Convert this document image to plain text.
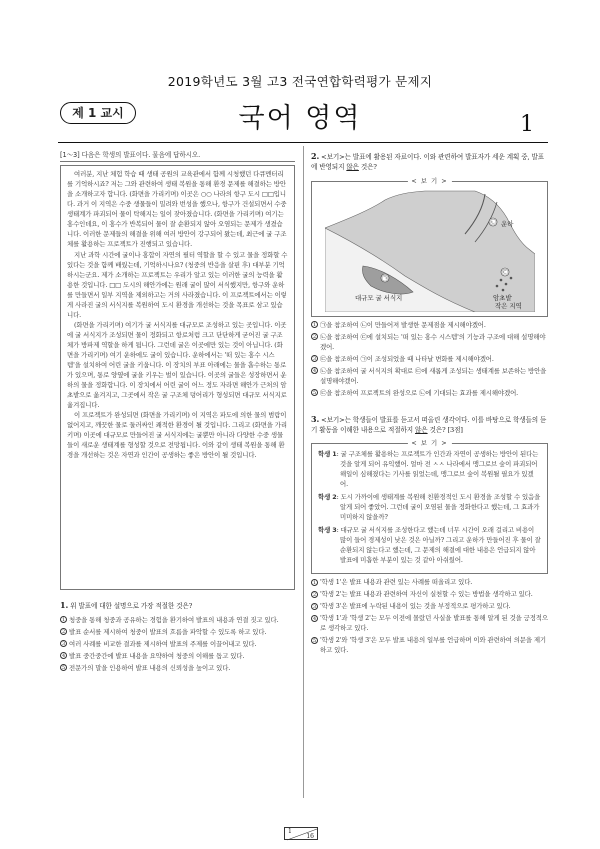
2019학년도 3월 고3 전국연합학력평가 문제지
제 1 교시	국어 영역	1
[1～3] 다음은 학생의 발표이다. 물음에 답하시오.

여러분, 지난 체험 학습 때 생태 공원의 교육관에서 함께 시청했던 다큐멘터리를 기억하시죠? 저는 그와 관련하여 생태 복원을 통해 환경 문제를 해결하는 방안을 소개하고자 합니다. (화면을 가리키며) 이곳은 ○○ 나라의 항구 도시 □□입니다. 과거 이 지역은 수중 생물들이 밀려와 번성을 했으나, 항구가 건설되면서 수중 생태계가 파괴되어 물이 탁해지는 일이 잦아졌습니다. (화면을 가리키며) 여기는 홍수인데요, 이 홍수가 반복되어 물이 잘 순환되지 않아 오염되는 문제가 생겼습니다. 이러한 문제들의 해결을 위해 여러 방안이 강구되어 왔는데, 최근에 굴 구조체를 활용하는 프로젝트가 진행되고 있습니다.

지난 과학 시간에 굴이나 홍합이 자연의 필터 역할을 할 수 있고 물을 정화할 수 있다는 것을 함께 배웠는데, 기억하시나요? (청중의 반응을 살핀 후) 대부분 기억하시는군요. 제가 소개하는 프로젝트는 우리가 알고 있는 이러한 굴의 능력을 활용한 것입니다. □□ 도시의 해안가에는 원래 굴이 많이 서식했지만, 항구와 운하를 만들면서 일부 지역을 제외하고는 거의 사라졌습니다. 이 프로젝트에서는 이렇게 사라진 굴의 서식지를 복원하여 도시 환경을 개선하는 것을 목표로 삼고 있습니다.

(화면을 가리키며) 여기가 굴 서식지를 대규모로 조성하고 있는 곳입니다. 이곳에 굴 서식지가 조성되면 물이 정화되고 항로처럼 크고 단단하게 굳어진 굴 구조체가 방파제 역할을 하게 됩니다. 그런데 굴은 이곳에만 있는 것이 아닙니다. (화면을 가리키며) 여기 운하에도 굴이 있습니다. 운하에서는 '떠 있는 홍수 시스템'을 설치하여 어린 굴을 키웁니다. 이 장치의 부표 아래에는 물을 흡수하는 통로가 있으며, 통로 양옆에 굴을 키우는 벌이 있습니다. 이곳의 굴들은 성장하면서 운하의 물을 정화합니다. 이 장치에서 어린 굴이 어느 정도 자라면 해안가 근처의 암초밭으로 옮겨지고, 그곳에서 작은 굴 구조체 덩어리가 형성되면 대규모 서식지로 옮겨집니다.

이 프로젝트가 완성되면 (화면을 가리키며) 이 지역은 파도에 의한 물의 범람이 없어지고, 깨끗한 물로 둘러싸인 쾌적한 환경이 될 것입니다. 그리고 (화면을 가리키며) 이곳에 대규모로 만들어진 굴 서식지에는 굴뿐만 아니라 다양한 수중 생물들이 새로운 생태계를 형성할 것으로 전망됩니다. 이와 같이 생태 복원을 통해 환경을 개선하는 것은 자연과 인간이 공생하는 좋은 방안이 될 것입니다.

1. 위 발표에 대한 설명으로 가장 적절한 것은?
1 청중을 통해 청중과 공유하는 경험을 환기하여 발표의 내용과 연결 짓고 있다.
2 발표 순서를 제시하여 청중이 발표의 흐름을 파악할 수 있도록 하고 있다.
3 여러 사례를 비교한 결과를 제시하여 발표의 주제를 이끌어내고 있다.
4 발표 중간중간에 발표 내용을 요약하여 청중의 이해를 돕고 있다.
5 전문가의 말을 인용하여 발표 내용의 신뢰성을 높이고 있다.
2. <보기>는 발표에 활용된 자료이다. 이와 관련하여 발표자가 세운 계획 중, 발표에 반영되지 않은 것은?
< 보 기 >
㉡
㉠
㉢
운하
대규모 굴 서식지	암초밭
작은 지역
1 ㉠을 참조하여 ㉡이 만들어져 발생한 문제점을 제시해야겠어.
2 ㉡을 참조하여 ㉢에 설치되는 '떠 있는 홍수 시스템'의 기능과 구조에 대해 설명해야겠어.
3 ㉢을 참조하여 ㉠이 조성되었을 때 나타날 변화를 제시해야겠어.
4 ㉡을 참조하여 굴 서식지의 확대로 ㉢에 새롭게 조성되는 생태계를 보존하는 방안을 설명해야겠어.
5 ㉢을 참조하여 프로젝트의 완성으로 ㉡에 기대되는 효과를 제시해야겠어.
3. <보기>는 학생들이 발표를 듣고서 떠올린 생각이다. 이를 바탕으로 학생들의 듣기 활동을 이해한 내용으로 적절하지 않은 것은? [3점]
< 보 기 >
학생 1: 굴 구조체를 활용하는 프로젝트가 인간과 자연이 공생하는 방안이 된다는 것을 알게 되어 유익했어. 얼마 전 ㅅㅅ 나라에서 맹그로브 숲이 파괴되어 해일이 심해졌다는 기사를 읽었는데, 맹그로브 숲이 복원될 필요가 있겠어.
학생 2: 도시 가까이에 생태계를 복원해 친환경적인 도시 환경을 조성할 수 있음을 알게 되어 좋았어. 그런데 굴이 오염된 물을 정화한다고 했는데, 그 효과가 미미하지 않을까?
학생 3: 대규모 굴 서식지를 조성한다고 했는데 너무 시간이 오래 걸리고 비용이 많이 들어 경제성이 낮은 것은 아닐까? 그리고 운하가 만들어진 후 물이 잘 순환되지 않는다고 했는데, 그 문제의 해결에 대한 내용은 언급되지 않아 발표에 미흡한 부분이 있는 것 같아 아쉬웠어.
1 '학생 1'은 발표 내용과 관련 있는 사례를 떠올리고 있다.
2 '학생 2'는 발표 내용과 관련하여 자신이 실천할 수 있는 방법을 생각하고 있다.
3 '학생 3'은 발표에 누락된 내용이 있는 것을 부정적으로 평가하고 있다.
4 '학생 1'과 '학생 2'는 모두 이전에 몰랐던 사실을 발표를 통해 알게 된 것을 긍정적으로 생각하고 있다.
5 '학생 2'와 '학생 3'은 모두 발표 내용의 일부를 언급하며 이와 관련하여 의문을 제기하고 있다.
1
16
